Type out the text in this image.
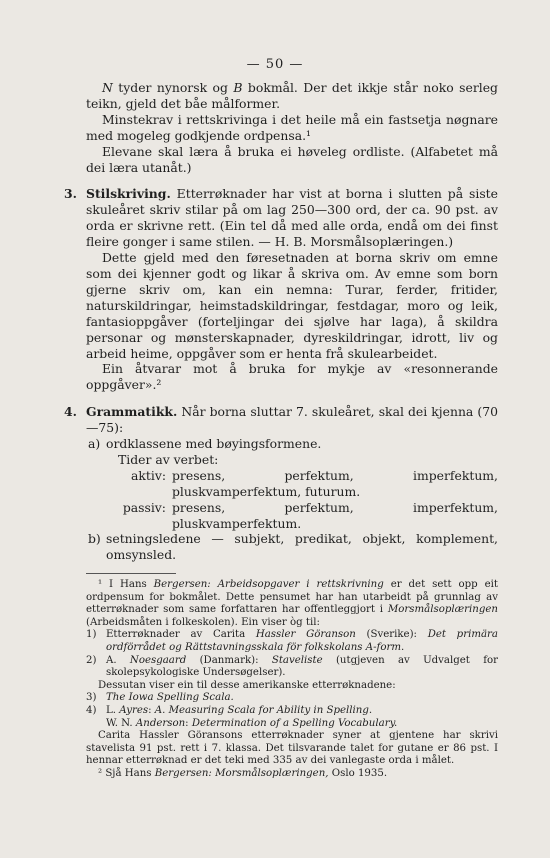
— 50 —

N tyder nynorsk og B bokmål. Der det ikkje står noko serleg teikn, gjeld det båe målformer.

Minstekrav i rettskrivinga i det heile må ein fastsetja nøgnare med mogeleg godkjende ordpensa.¹

Elevane skal læra å bruka ei høveleg ordliste. (Alfabetet må dei læra utanåt.)

3. Stilskriving. Etterrøknader har vist at borna i slutten på siste skuleåret skriv stilar på om lag 250—300 ord, der ca. 90 pst. av orda er skrivne rett. (Ein tel då med alle orda, endå om dei finst fleire gonger i same stilen. — H. B. Morsmålsoplæringen.)

Dette gjeld med den føresetnaden at borna skriv om emne som dei kjenner godt og likar å skriva om. Av emne som born gjerne skriv om, kan ein nemna: Turar, ferder, fritider, naturskildringar, heimstadskildringar, festdagar, moro og leik, fantasioppgåver (forteljingar dei sjølve har laga), å skildra personar og mønsterskapnader, dyreskildringar, idrott, liv og arbeid heime, oppgåver som er henta frå skulearbeidet.

Ein åtvarar mot å bruka for mykje av «resonnerande oppgåver».²

4. Grammatikk. Når borna sluttar 7. skuleåret, skal dei kjenna (70—75):

a) ordklassene med bøyingsformene.
Tider av verbet:
aktiv: presens, perfektum, imperfektum, pluskvamperfektum, futurum.
passiv: presens, perfektum, imperfektum, pluskvamperfektum.
b) setningsledene — subjekt, predikat, objekt, komplement, omsynsled.

¹ I Hans Bergersen: Arbeidsopgaver i rettskrivning er det sett opp eit ordpensum for bokmålet. Dette pensumet har han utarbeidt på grunnlag av etterrøknader som same forfattaren har offentleggjort i Morsmålsoplæringen (Arbeidsmåten i folkeskolen). Ein viser òg til:

1) Etterrøknader av Carita Hassler Göranson (Sverike): Det primära ordförrådet og Rättstavningsskala för folkskolans A-form.
2) A. Noesgaard (Danmark): Staveliste (utgjeven av Udvalget for skolepsykologiske Undersøgelser).

Dessutan viser ein til desse amerikanske etterrøknadene:

3) The Iowa Spelling Scala.
4) L. Ayres: A. Measuring Scala for Ability in Spelling.
W. N. Anderson: Determination of a Spelling Vocabulary.

Carita Hassler Göransons etterrøknader syner at gjentene har skrivi stavelista 91 pst. rett i 7. klassa. Det tilsvarande talet for gutane er 86 pst. I hennar etterrøknad er det teki med 335 av dei vanlegaste orda i målet.

² Sjå Hans Bergersen: Morsmålsoplæringen, Oslo 1935.
